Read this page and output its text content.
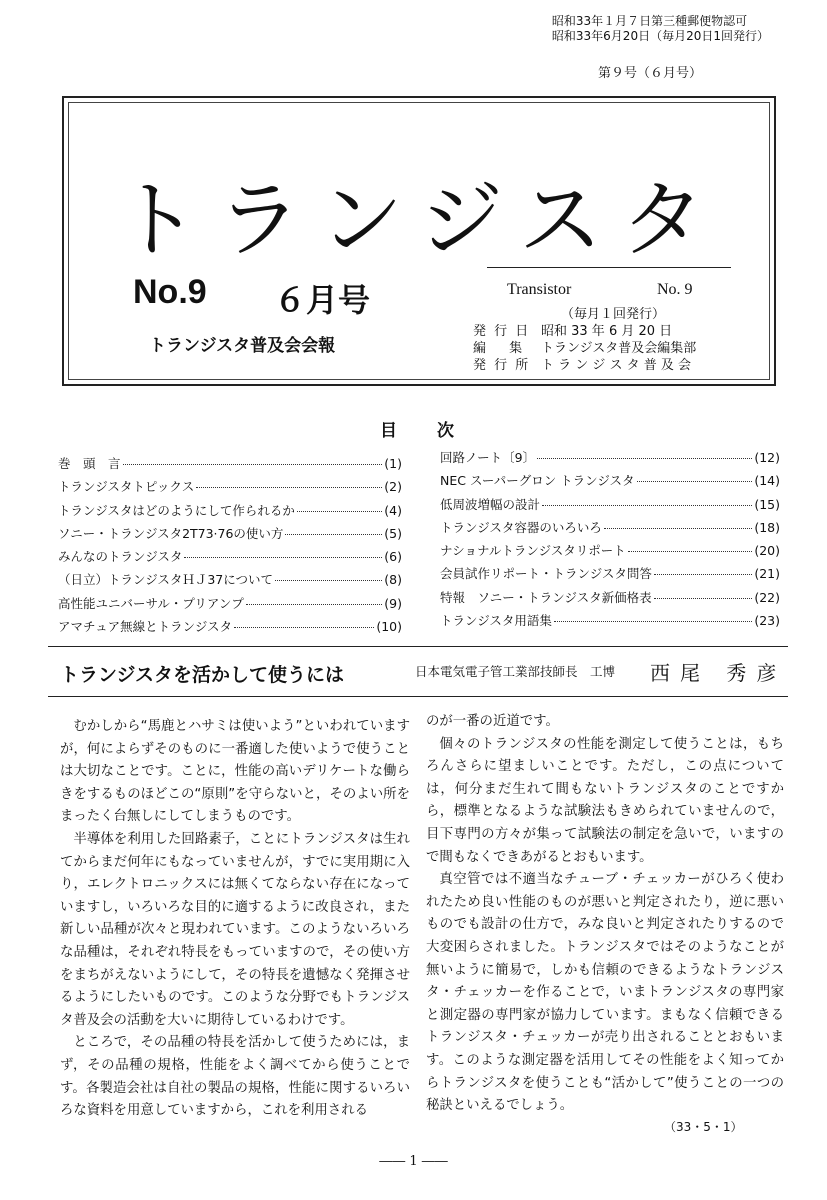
昭和33年１月７日第三種郵便物認可
昭和33年6月20日（毎月20日1回発行）
第９号（６月号）
トランジスタ
No.9 ６月号
トランジスタ普及会会報
Transistor	No. 9
（毎月１回発行）
発 行 日 昭和 33 年 6 月 20 日
編　 集	トランジスタ普及会編集部
発 行 所 ト ラ ン ジ ス タ 普 及 会
目　　次
巻　頭　言	(1)
トランジスタトピックス	(2)
トランジスタはどのようにして作られるか	(4)
ソニー・トランジスタ2T73·76の使い方	(5)
みんなのトランジスタ	(6)
（日立）トランジスタＨＪ37について	(8)
高性能ユニバーサル・プリアンプ	(9)
アマチュア無線とトランジスタ	(10)
回路ノート〔9〕	(12)
NEC スーパーグロン トランジスタ	(14)
低周波増幅の設計	(15)
トランジスタ容器のいろいろ	(18)
ナショナルトランジスタリポート	(20)
会員試作リポート・トランジスタ問答	(21)
特報　ソニー・トランジスタ新価格表	(22)
トランジスタ用語集	(23)
トランジスタを活かして使うには	日本電気電子管工業部技師長　工博 西尾 秀彦

むかしから“馬鹿とハサミは使いよう”といわれていますが，何によらずそのものに一番適した使いようで使うことは大切なことです。ことに，性能の高いデリケートな働らきをするものほどこの“原則”を守らないと，そのよい所をまったく台無しにしてしまうものです。

半導体を利用した回路素子，ことにトランジスタは生れてからまだ何年にもなっていませんが，すでに実用期に入り，エレクトロニックスには無くてならない存在になっていますし，いろいろな目的に適するように改良され，また新しい品種が次々と現われています。このようないろいろな品種は，それぞれ特長をもっていますので，その使い方をまちがえないようにして，その特長を遺憾なく発揮させるようにしたいものです。このような分野でもトランジスタ普及会の活動を大いに期待しているわけです。

ところで，その品種の特長を活かして使うためには，まず，その品種の規格，性能をよく調べてから使うことです。各製造会社は自社の製品の規格，性能に関するいろいろな資料を用意していますから，これを利用される

のが一番の近道です。

個々のトランジスタの性能を測定して使うことは，もちろんさらに望ましいことです。ただし，この点については，何分まだ生れて間もないトランジスタのことですから，標準となるような試験法もきめられていませんので，目下専門の方々が集って試験法の制定を急いで，いますので間もなくできあがるとおもいます。

真空管では不適当なチューブ・チェッカーがひろく使われたため良い性能のものが悪いと判定されたり，逆に悪いものでも設計の仕方で，みな良いと判定されたりするので大変困らされました。トランジスタではそのようなことが無いように簡易で，しかも信頼のできるようなトランジスタ・チェッカーを作ることで，いまトランジスタの専門家と測定器の専門家が協力しています。まもなく信頼できるトランジスタ・チェッカーが売り出されることとおもいます。このような測定器を活用してその性能をよく知ってからトランジスタを使うことも“活かして”使うことの一つの秘訣といえるでしょう。

（33・5・1）
―― 1 ――
